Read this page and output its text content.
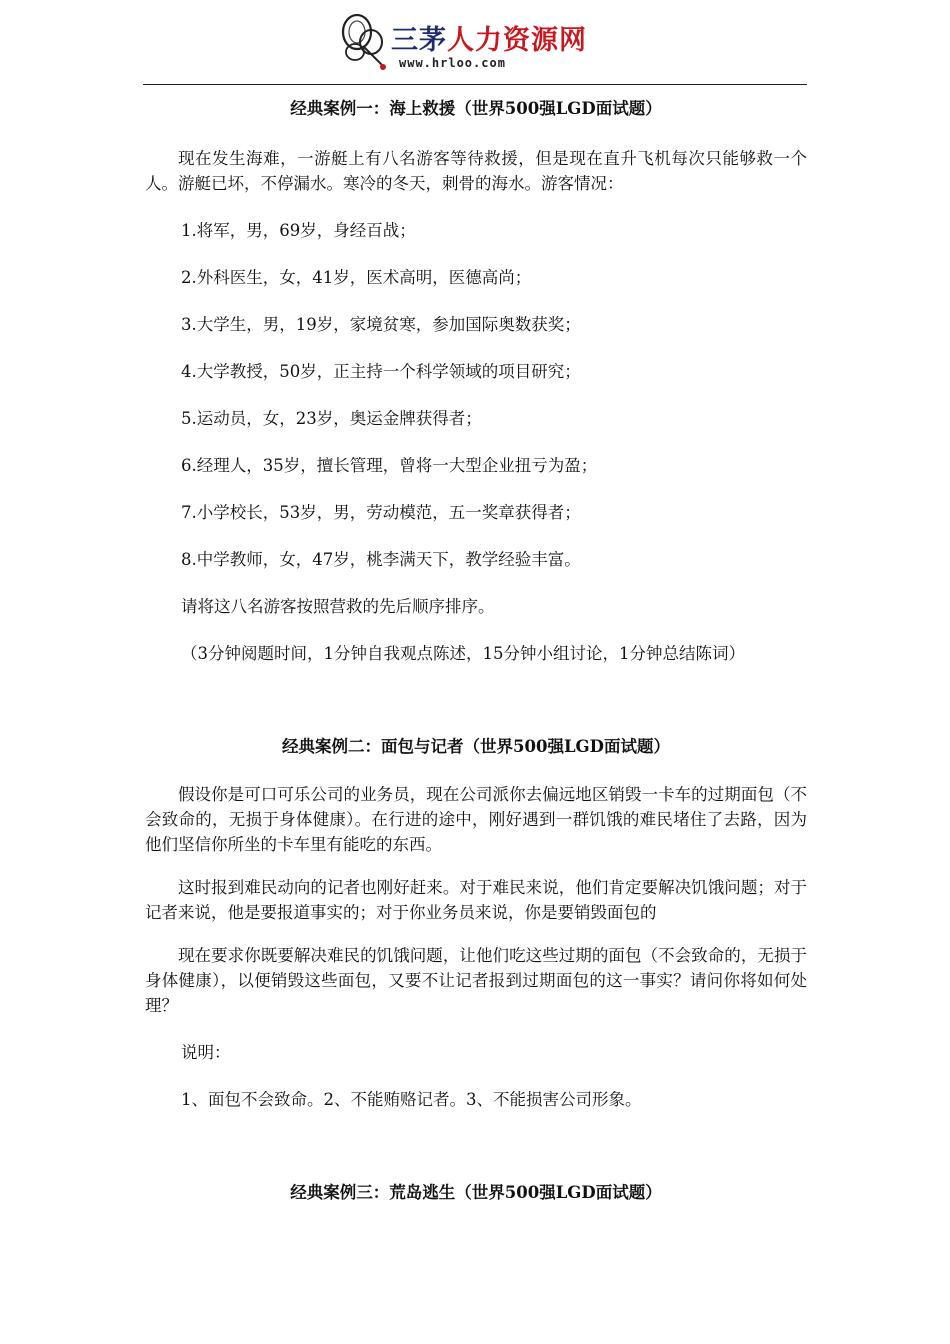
三茅人力资源网
www.hrloo.com
经典案例一：海上救援（世界500强LGD面试题）

现在发生海难，一游艇上有八名游客等待救援，但是现在直升飞机每次只能够救一个人。游艇已坏，不停漏水。寒冷的冬天，刺骨的海水。游客情况：

1.将军，男，69岁，身经百战；

2.外科医生，女，41岁，医术高明，医德高尚；

3.大学生，男，19岁，家境贫寒，参加国际奥数获奖；

4.大学教授，50岁，正主持一个科学领域的项目研究；

5.运动员，女，23岁，奥运金牌获得者；

6.经理人，35岁，擅长管理，曾将一大型企业扭亏为盈；

7.小学校长，53岁，男，劳动模范，五一奖章获得者；

8.中学教师，女，47岁，桃李满天下，教学经验丰富。

请将这八名游客按照营救的先后顺序排序。

（3分钟阅题时间，1分钟自我观点陈述，15分钟小组讨论，1分钟总结陈词）

经典案例二：面包与记者（世界500强LGD面试题）

假设你是可口可乐公司的业务员，现在公司派你去偏远地区销毁一卡车的过期面包（不会致命的，无损于身体健康）。在行进的途中，刚好遇到一群饥饿的难民堵住了去路，因为他们坚信你所坐的卡车里有能吃的东西。

这时报到难民动向的记者也刚好赶来。对于难民来说，他们肯定要解决饥饿问题；对于记者来说，他是要报道事实的；对于你业务员来说，你是要销毁面包的

现在要求你既要解决难民的饥饿问题，让他们吃这些过期的面包（不会致命的，无损于身体健康），以便销毁这些面包，又要不让记者报到过期面包的这一事实？请问你将如何处理？

说明：

1、面包不会致命。2、不能贿赂记者。3、不能损害公司形象。

经典案例三：荒岛逃生（世界500强LGD面试题）
